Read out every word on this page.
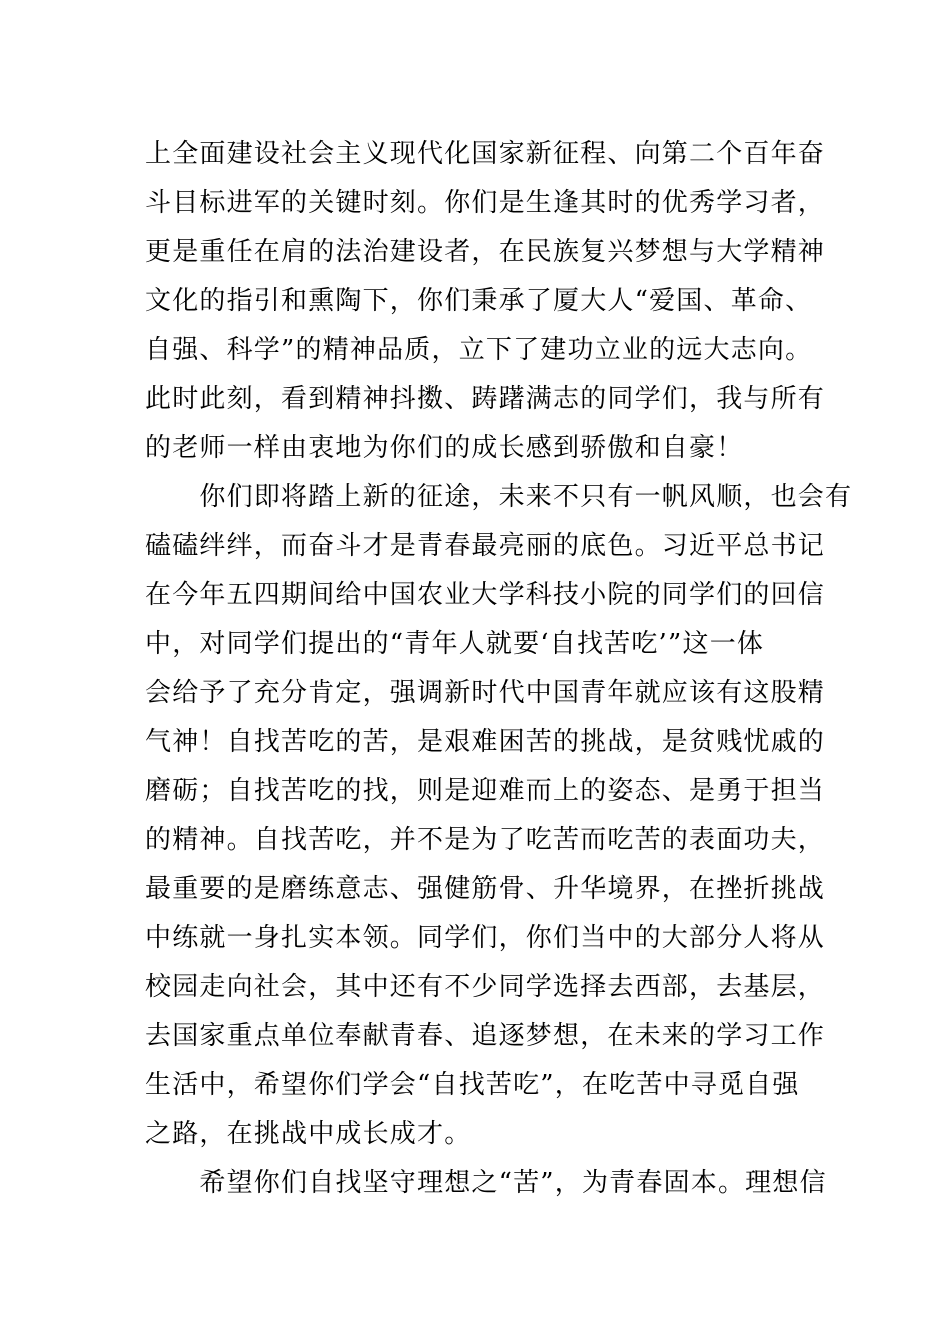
上全面建设社会主义现代化国家新征程、向第二个百年奋
斗目标进军的关键时刻。你们是生逢其时的优秀学习者，
更是重任在肩的法治建设者，在民族复兴梦想与大学精神
文化的指引和熏陶下，你们秉承了厦大人“爱国、革命、
自强、科学”的精神品质，立下了建功立业的远大志向。
此时此刻，看到精神抖擞、踌躇满志的同学们，我与所有
的老师一样由衷地为你们的成长感到骄傲和自豪！
　　你们即将踏上新的征途，未来不只有一帆风顺，也会有
磕磕绊绊，而奋斗才是青春最亮丽的底色。习近平总书记
在今年五四期间给中国农业大学科技小院的同学们的回信
中，对同学们提出的“青年人就要‘自找苦吃’”这一体
会给予了充分肯定，强调新时代中国青年就应该有这股精
气神！自找苦吃的苦，是艰难困苦的挑战，是贫贱忧戚的
磨砺；自找苦吃的找，则是迎难而上的姿态、是勇于担当
的精神。自找苦吃，并不是为了吃苦而吃苦的表面功夫，
最重要的是磨练意志、强健筋骨、升华境界，在挫折挑战
中练就一身扎实本领。同学们，你们当中的大部分人将从
校园走向社会，其中还有不少同学选择去西部，去基层，
去国家重点单位奉献青春、追逐梦想，在未来的学习工作
生活中，希望你们学会“自找苦吃”，在吃苦中寻觅自强
之路，在挑战中成长成才。
　　希望你们自找坚守理想之“苦”，为青春固本。理想信
